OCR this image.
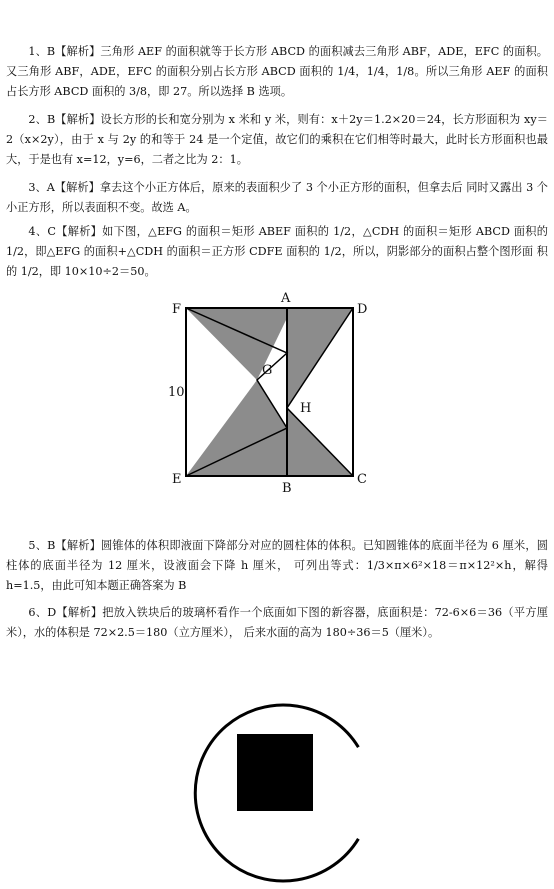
1、B【解析】三角形 AEF 的面积就等于长方形 ABCD 的面积减去三角形 ABF，ADE，EFC 的面积。又三角形 ABF，ADE，EFC 的面积分别占长方形 ABCD 面积的 1/4，1/4，1/8。所以三角形 AEF 的面积占长方形 ABCD 面积的 3/8，即 27。所以选择 B 选项。

2、B【解析】设长方形的长和宽分别为 x 米和 y 米，则有：x＋2y＝1.2×20＝24，长方形面积为 xy＝ 2（x×2y），由于 x 与 2y 的和等于 24 是一个定值，故它们的乘积在它们相等时最大，此时长方形面积也最大，于是也有 x=12，y=6，二者之比为 2：1。

3、A【解析】拿去这个小正方体后，原来的表面积少了 3 个小正方形的面积，但拿去后 同时又露出 3 个小正方形，所以表面积不变。故选 A。

4、C【解析】如下图，△EFG 的面积＝矩形 ABEF 面积的 1/2，△CDH 的面积＝矩形 ABCD 面积的 1/2，即△EFG 的面积+△CDH 的面积＝正方形 CDFE 面积的 1/2，所以，阴影部分的面积占整个图形面 积的 1/2，即 10×10÷2＝50。

F
A
D
G
H
10
E
B
C

5、B【解析】圆锥体的体积即液面下降部分对应的圆柱体的体积。已知圆锥体的底面半径为 6 厘米，圆柱体的底面半径为 12 厘米，设液面会下降 h 厘米， 可列出等式：1/3×π×6²×18＝π×12²×h，解得 h=1.5，由此可知本题正确答案为 B

6、D【解析】把放入铁块后的玻璃杯看作一个底面如下图的新容器，底面积是：72-6×6＝36（平方厘米），水的体积是 72×2.5＝180（立方厘米）， 后来水面的高为 180÷36＝5（厘米）。
